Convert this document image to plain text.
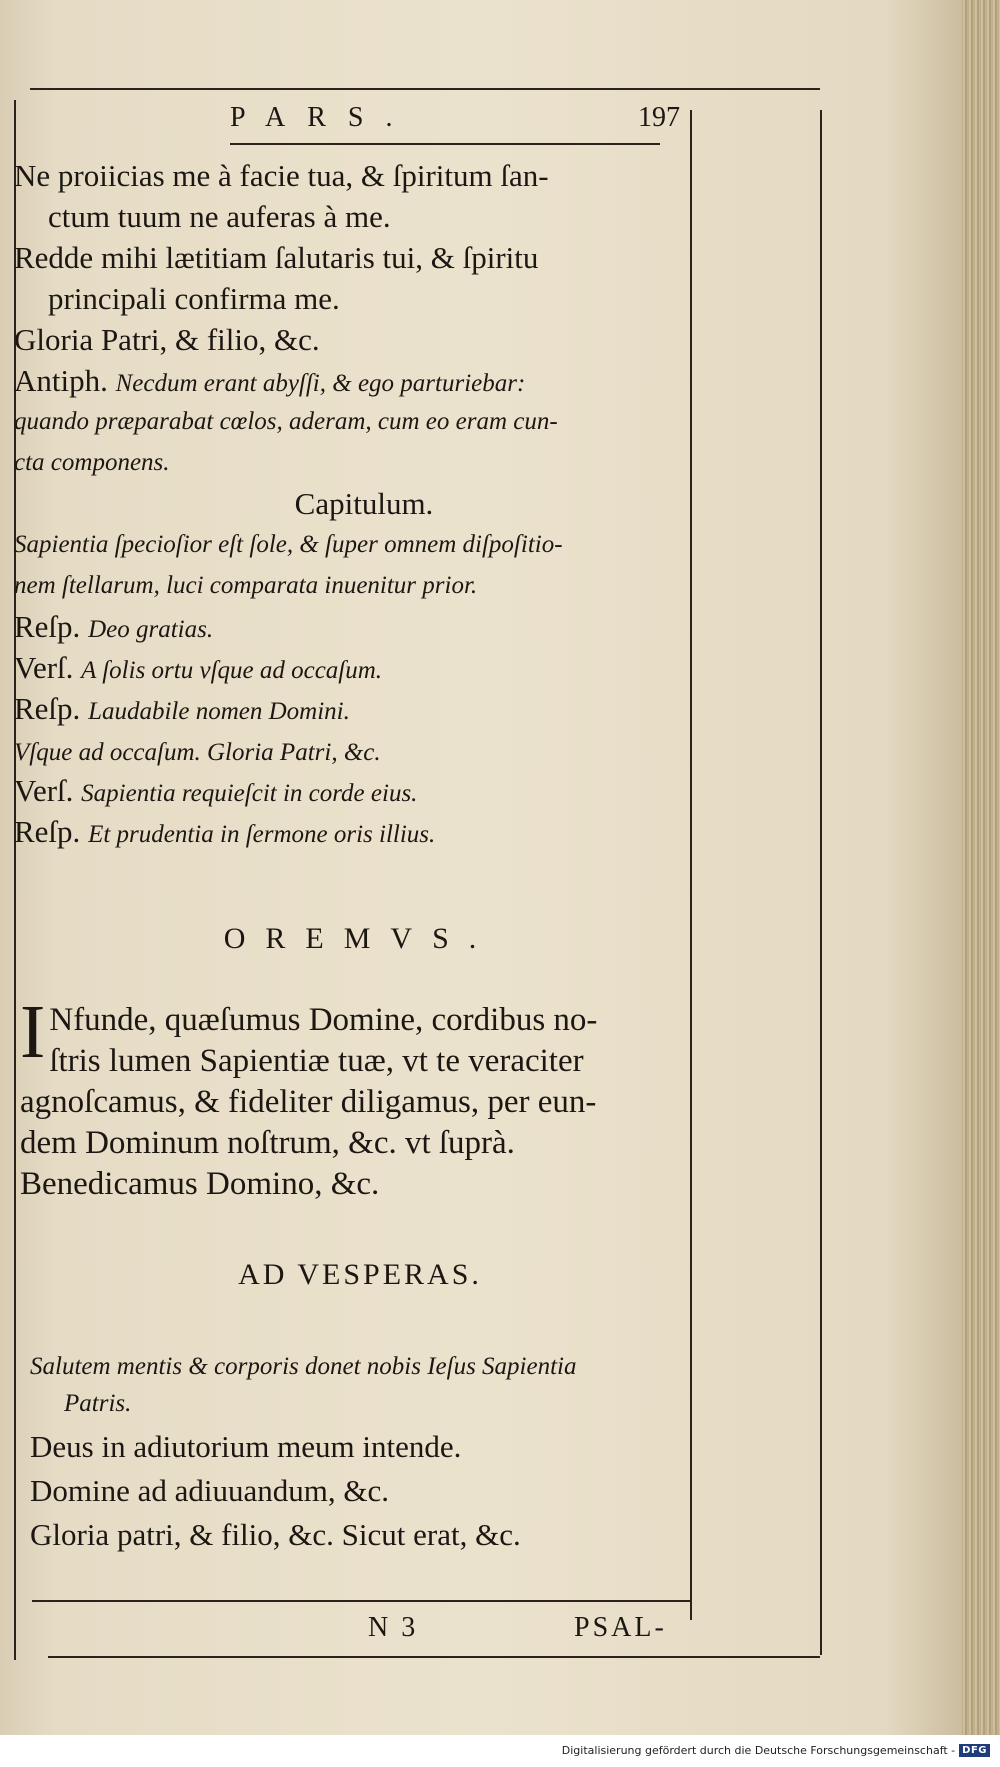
PARS.	197
Ne proiicias me à facie tua, & ſpiritum ſan-
ctum tuum ne auferas à me.
Redde mihi lætitiam ſalutaris tui, & ſpiritu
principali confirma me.
Gloria Patri, & filio, &c.
Antiph. Necdum erant abyſſi, & ego parturiebar:
quando præparabat cœlos, aderam, cum eo eram cun-
cta componens.
Capitulum.
Sapientia ſpecioſior eſt ſole, & ſuper omnem diſpoſitio-
nem ſtellarum, luci comparata inuenitur prior.
Reſp. Deo gratias.
Verſ. A ſolis ortu vſque ad occaſum.
Reſp. Laudabile nomen Domini.
Vſque ad occaſum. Gloria Patri, &c.
Verſ. Sapientia requieſcit in corde eius.
Reſp. Et prudentia in ſermone oris illius.
OREMVS.
I Nfunde, quæſumus Domine, cordibus no-
ſtris lumen Sapientiæ tuæ, vt te veraciter
agnoſcamus, & fideliter diligamus, per eun-
dem Dominum noſtrum, &c. vt ſuprà.
Benedicamus Domino, &c.
AD VESPERAS.
Salutem mentis & corporis donet nobis Ieſus Sapientia
Patris.
Deus in adiutorium meum intende.
Domine ad adiuuandum, &c.
Gloria patri, & filio, &c. Sicut erat, &c.
N 3	PSAL-
Digitalisierung gefördert durch die Deutsche Forschungsgemeinschaft - DFG
